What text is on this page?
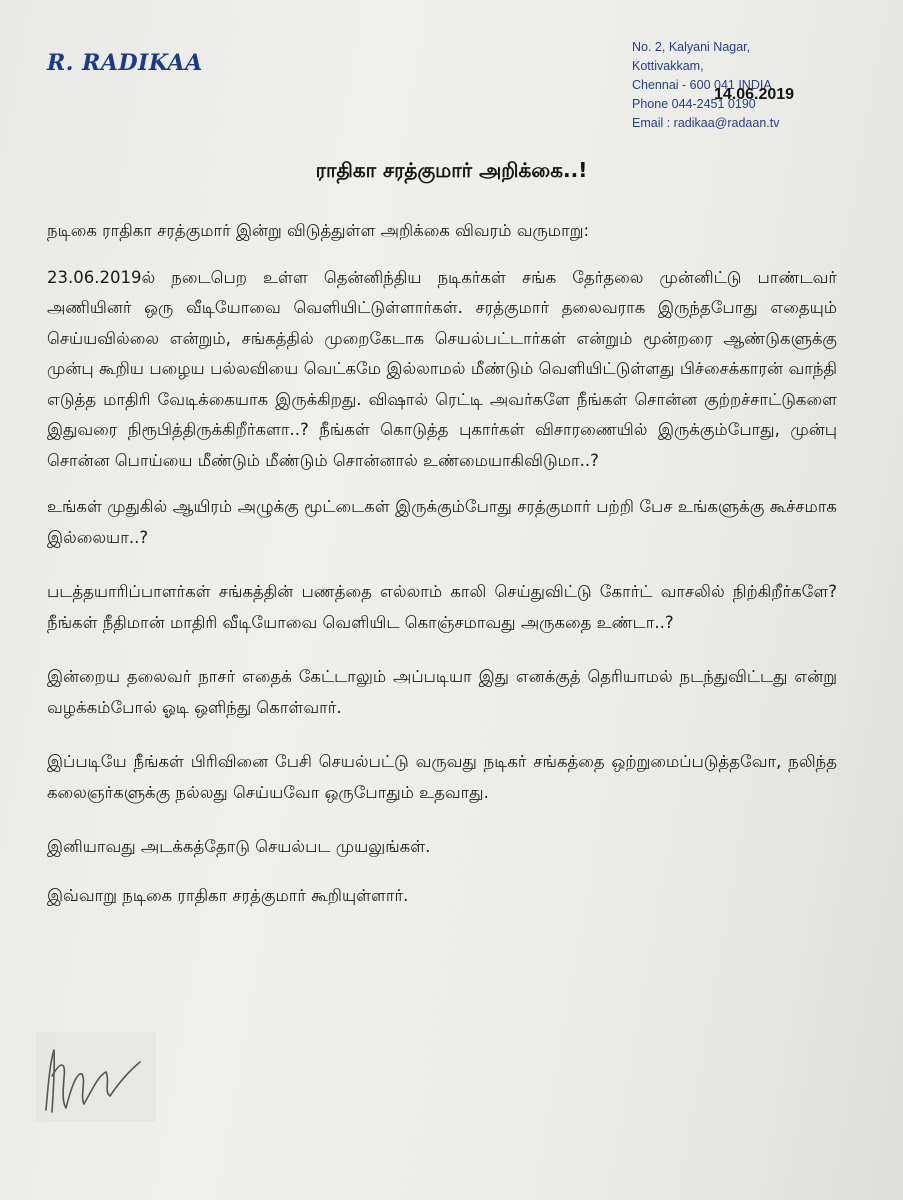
R. RADIKAA
No. 2, Kalyani Nagar,
Kottivakkam,
Chennai - 600 041 INDIA
Phone 044-2451 0190
Email : radikaa@radaan.tv
14.06.2019
ராதிகா சரத்குமார் அறிக்கை..!

நடிகை ராதிகா சரத்குமார் இன்று விடுத்துள்ள அறிக்கை விவரம் வருமாறு:

23.06.2019ல் நடைபெற உள்ள தென்னிந்திய நடிகர்கள் சங்க தேர்தலை முன்னிட்டு பாண்டவர் அணியினர் ஒரு வீடியோவை வெளியிட்டுள்ளார்கள். சரத்குமார் தலைவராக இருந்தபோது எதையும் செய்யவில்லை என்றும், சங்கத்தில் முறைகேடாக செயல்பட்டார்கள் என்றும் மூன்றரை ஆண்டுகளுக்கு முன்பு கூறிய பழைய பல்லவியை வெட்கமே இல்லாமல் மீண்டும் வெளியிட்டுள்ளது பிச்சைக்காரன் வாந்தி எடுத்த மாதிரி வேடிக்கையாக இருக்கிறது. விஷால் ரெட்டி அவர்களே நீங்கள் சொன்ன குற்றச்சாட்டுகளை இதுவரை நிரூபித்திருக்கிறீர்களா..? நீங்கள் கொடுத்த புகார்கள் விசாரணையில் இருக்கும்போது, முன்பு சொன்ன பொய்யை மீண்டும் மீண்டும் சொன்னால் உண்மையாகிவிடுமா..?

உங்கள் முதுகில் ஆயிரம் அழுக்கு மூட்டைகள் இருக்கும்போது சரத்குமார் பற்றி பேச உங்களுக்கு கூச்சமாக இல்லையா..?

படத்தயாரிப்பாளர்கள் சங்கத்தின் பணத்தை எல்லாம் காலி செய்துவிட்டு கோர்ட் வாசலில் நிற்கிறீர்களே? நீங்கள் நீதிமான் மாதிரி வீடியோவை வெளியிட கொஞ்சமாவது அருகதை உண்டா..?

இன்றைய தலைவர் நாசர் எதைக் கேட்டாலும் அப்படியா இது எனக்குத் தெரியாமல் நடந்துவிட்டது என்று வழக்கம்போல் ஓடி ஒளிந்து கொள்வார்.

இப்படியே நீங்கள் பிரிவினை பேசி செயல்பட்டு வருவது நடிகர் சங்கத்தை ஒற்றுமைப்படுத்தவோ, நலிந்த கலைஞர்களுக்கு நல்லது செய்யவோ ஒருபோதும் உதவாது.

இனியாவது அடக்கத்தோடு செயல்பட முயலுங்கள்.

இவ்வாறு நடிகை ராதிகா சரத்குமார் கூறியுள்ளார்.
